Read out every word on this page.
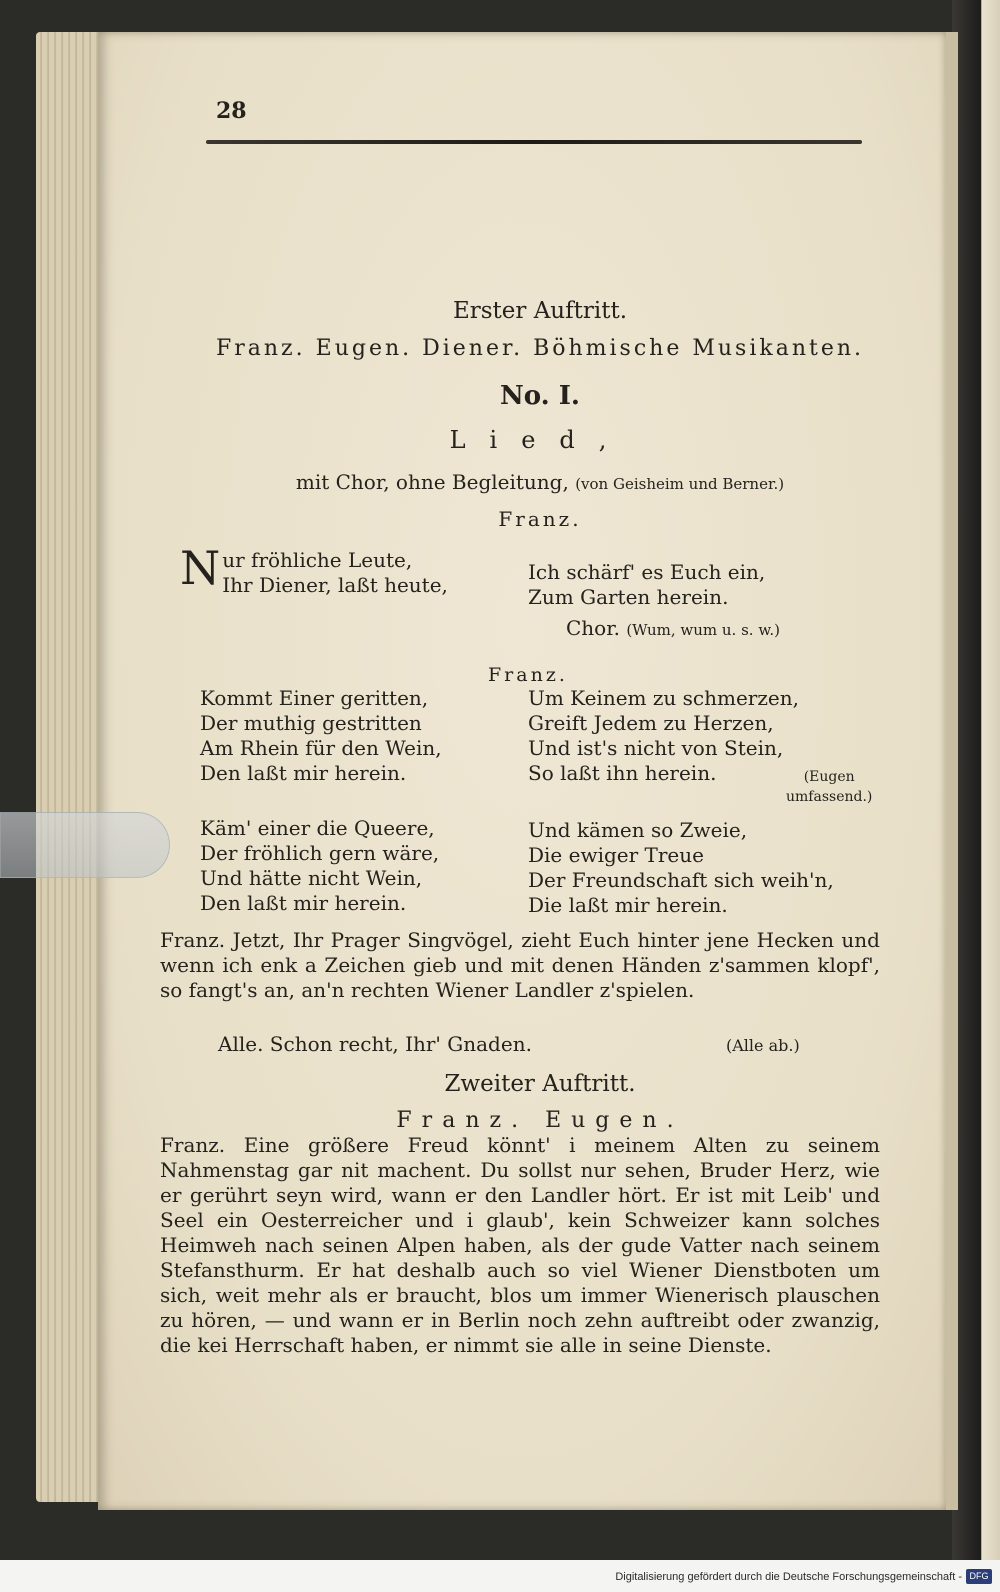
28
Erster Auftritt.
Franz. Eugen. Diener. Böhmische Musikanten.
No. I.
Lied,
mit Chor, ohne Begleitung, (von Geisheim und Berner.)
Franz.
N ur fröhliche Leute,
Ihr Diener, laßt heute,
Ich schärf' es Euch ein,
Zum Garten herein.
Chor. (Wum, wum u. s. w.)
Franz.
Kommt Einer geritten,
Der muthig gestritten
Am Rhein für den Wein,
Den laßt mir herein.
Um Keinem zu schmerzen,
Greift Jedem zu Herzen,
Und ist's nicht von Stein,
So laßt ihn herein.	(Eugen
umfassend.)
Käm' einer die Queere,
Der fröhlich gern wäre,
Und hätte nicht Wein,
Den laßt mir herein.
Und kämen so Zweie,
Die ewiger Treue
Der Freundschaft sich weih'n,
Die laßt mir herein.
Franz. Jetzt, Ihr Prager Singvögel, zieht Euch hinter jene Hecken und wenn ich enk a Zeichen gieb und mit denen Händen z'sammen klopf', so fangt's an, an'n rechten Wiener Landler z'spielen.
Alle. Schon recht, Ihr' Gnaden.	(Alle ab.)
Zweiter Auftritt.
Franz. Eugen.
Franz. Eine größere Freud könnt' i meinem Alten zu seinem Nahmenstag gar nit machent. Du sollst nur sehen, Bruder Herz, wie er gerührt seyn wird, wann er den Landler hört. Er ist mit Leib' und Seel ein Oesterreicher und i glaub', kein Schweizer kann solches Heimweh nach seinen Alpen haben, als der gude Vatter nach seinem Stefansthurm. Er hat deshalb auch so viel Wiener Dienstboten um sich, weit mehr als er braucht, blos um immer Wienerisch plauschen zu hören, — und wann er in Berlin noch zehn auftreibt oder zwanzig, die kei Herrschaft haben, er nimmt sie alle in seine Dienste.
Digitalisierung gefördert durch die Deutsche Forschungsgemeinschaft - DFG
